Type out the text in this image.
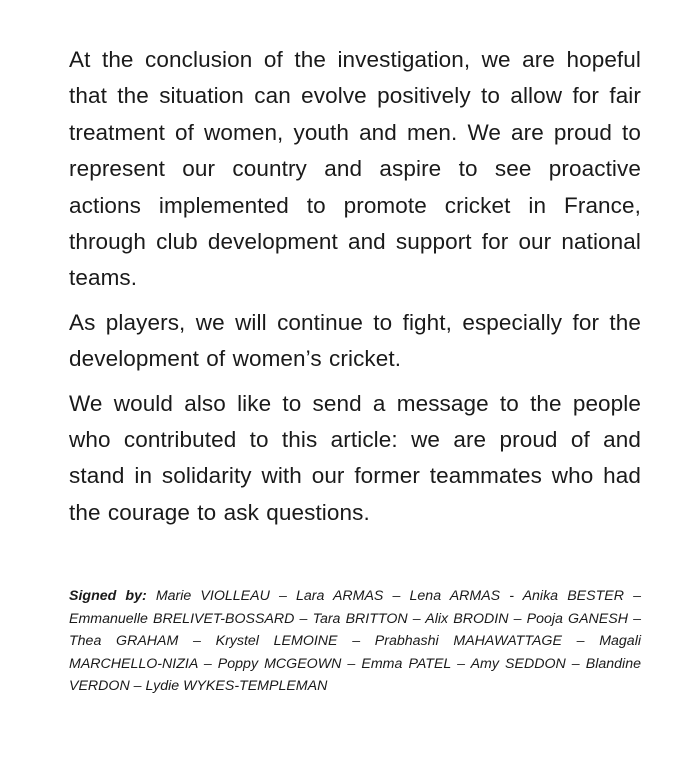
At the conclusion of the investigation, we are hopeful that the situation can evolve positively to allow for fair treatment of women, youth and men. We are proud to represent our country and aspire to see proactive actions implemented to promote cricket in France, through club development and support for our national teams.

As players, we will continue to fight, especially for the development of women’s cricket.

We would also like to send a message to the people who contributed to this article: we are proud of and stand in solidarity with our former teammates who had the courage to ask questions.

Signed by: Marie VIOLLEAU – Lara ARMAS – Lena ARMAS - Anika BESTER – Emmanuelle BRELIVET-BOSSARD – Tara BRITTON – Alix BRODIN – Pooja GANESH – Thea GRAHAM – Krystel LEMOINE – Prabhashi MAHAWATTAGE – Magali MARCHELLO-NIZIA – Poppy MCGEOWN – Emma PATEL – Amy SEDDON – Blandine VERDON – Lydie WYKES-TEMPLEMAN
